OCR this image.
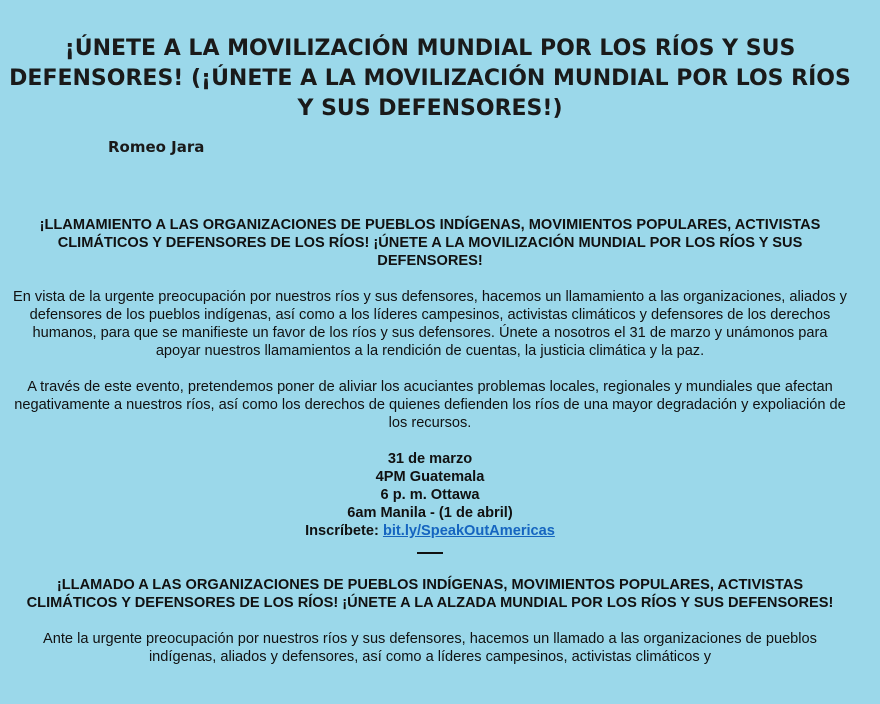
¡ÚNETE A LA MOVILIZACIÓN MUNDIAL POR LOS RÍOS Y SUS DEFENSORES! (¡ÚNETE A LA MOVILIZACIÓN MUNDIAL POR LOS RÍOS Y SUS DEFENSORES!)
Romeo Jara

¡LLAMAMIENTO A LAS ORGANIZACIONES DE PUEBLOS INDÍGENAS, MOVIMIENTOS POPULARES, ACTIVISTAS CLIMÁTICOS Y DEFENSORES DE LOS RÍOS! ¡ÚNETE A LA MOVILIZACIÓN MUNDIAL POR LOS RÍOS Y SUS DEFENSORES!

En vista de la urgente preocupación por nuestros ríos y sus defensores, hacemos un llamamiento a las organizaciones, aliados y defensores de los pueblos indígenas, así como a los líderes campesinos, activistas climáticos y defensores de los derechos humanos, para que se manifieste un favor de los ríos y sus defensores. Únete a nosotros el 31 de marzo y unámonos para apoyar nuestros llamamientos a la rendición de cuentas, la justicia climática y la paz.

A través de este evento, pretendemos poner de aliviar los acuciantes problemas locales, regionales y mundiales que afectan negativamente a nuestros ríos, así como los derechos de quienes defienden los ríos de una mayor degradación y expoliación de los recursos.

31 de marzo
4PM Guatemala
6 p. m. Ottawa
6am Manila - (1 de abril)
Inscríbete: bit.ly/SpeakOutAmericas

¡LLAMADO A LAS ORGANIZACIONES DE PUEBLOS INDÍGENAS, MOVIMIENTOS POPULARES, ACTIVISTAS CLIMÁTICOS Y DEFENSORES DE LOS RÍOS! ¡ÚNETE A LA ALZADA MUNDIAL POR LOS RÍOS Y SUS DEFENSORES!

Ante la urgente preocupación por nuestros ríos y sus defensores, hacemos un llamado a las organizaciones de pueblos indígenas, aliados y defensores, así como a líderes campesinos, activistas climáticos y
